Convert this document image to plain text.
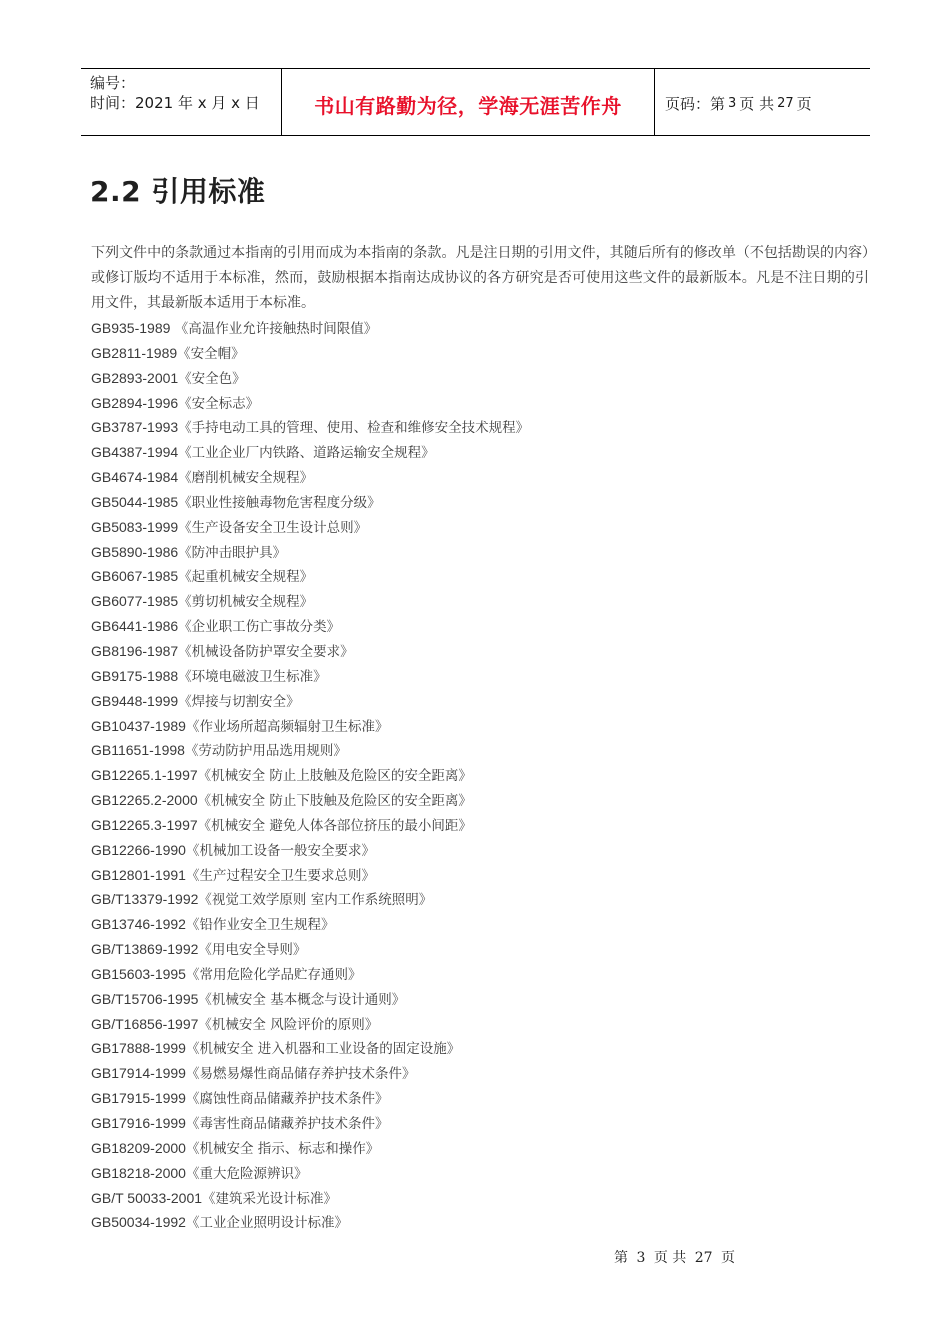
编号：
时间：2021 年 x 月 x 日	书山有路勤为径，学海无涯苦作舟	页码：第 3 页 共 27 页
2.2 引用标准

下列文件中的条款通过本指南的引用而成为本指南的条款。凡是注日期的引用文件，其随后所有的修改单（不包括勘误的内容）或修订版均不适用于本标准，然而，鼓励根据本指南达成协议的各方研究是否可使用这些文件的最新版本。凡是不注日期的引用文件，其最新版本适用于本标准。

GB935-1989 《高温作业允许接触热时间限值》
GB2811-1989《安全帽》
GB2893-2001《安全色》
GB2894-1996《安全标志》
GB3787-1993《手持电动工具的管理、使用、检查和维修安全技术规程》
GB4387-1994《工业企业厂内铁路、道路运输安全规程》
GB4674-1984《磨削机械安全规程》
GB5044-1985《职业性接触毒物危害程度分级》
GB5083-1999《生产设备安全卫生设计总则》
GB5890-1986《防冲击眼护具》
GB6067-1985《起重机械安全规程》
GB6077-1985《剪切机械安全规程》
GB6441-1986《企业职工伤亡事故分类》
GB8196-1987《机械设备防护罩安全要求》
GB9175-1988《环境电磁波卫生标准》
GB9448-1999《焊接与切割安全》
GB10437-1989《作业场所超高频辐射卫生标准》
GB11651-1998《劳动防护用品选用规则》
GB12265.1-1997《机械安全 防止上肢触及危险区的安全距离》
GB12265.2-2000《机械安全 防止下肢触及危险区的安全距离》
GB12265.3-1997《机械安全 避免人体各部位挤压的最小间距》
GB12266-1990《机械加工设备一般安全要求》
GB12801-1991《生产过程安全卫生要求总则》
GB/T13379-1992《视觉工效学原则 室内工作系统照明》
GB13746-1992《铅作业安全卫生规程》
GB/T13869-1992《用电安全导则》
GB15603-1995《常用危险化学品贮存通则》
GB/T15706-1995《机械安全 基本概念与设计通则》
GB/T16856-1997《机械安全 风险评价的原则》
GB17888-1999《机械安全 进入机器和工业设备的固定设施》
GB17914-1999《易燃易爆性商品储存养护技术条件》
GB17915-1999《腐蚀性商品储藏养护技术条件》
GB17916-1999《毒害性商品储藏养护技术条件》
GB18209-2000《机械安全 指示、标志和操作》
GB18218-2000《重大危险源辨识》
GB/T 50033-2001《建筑采光设计标准》
GB50034-1992《工业企业照明设计标准》
第 3 页 共 27 页
